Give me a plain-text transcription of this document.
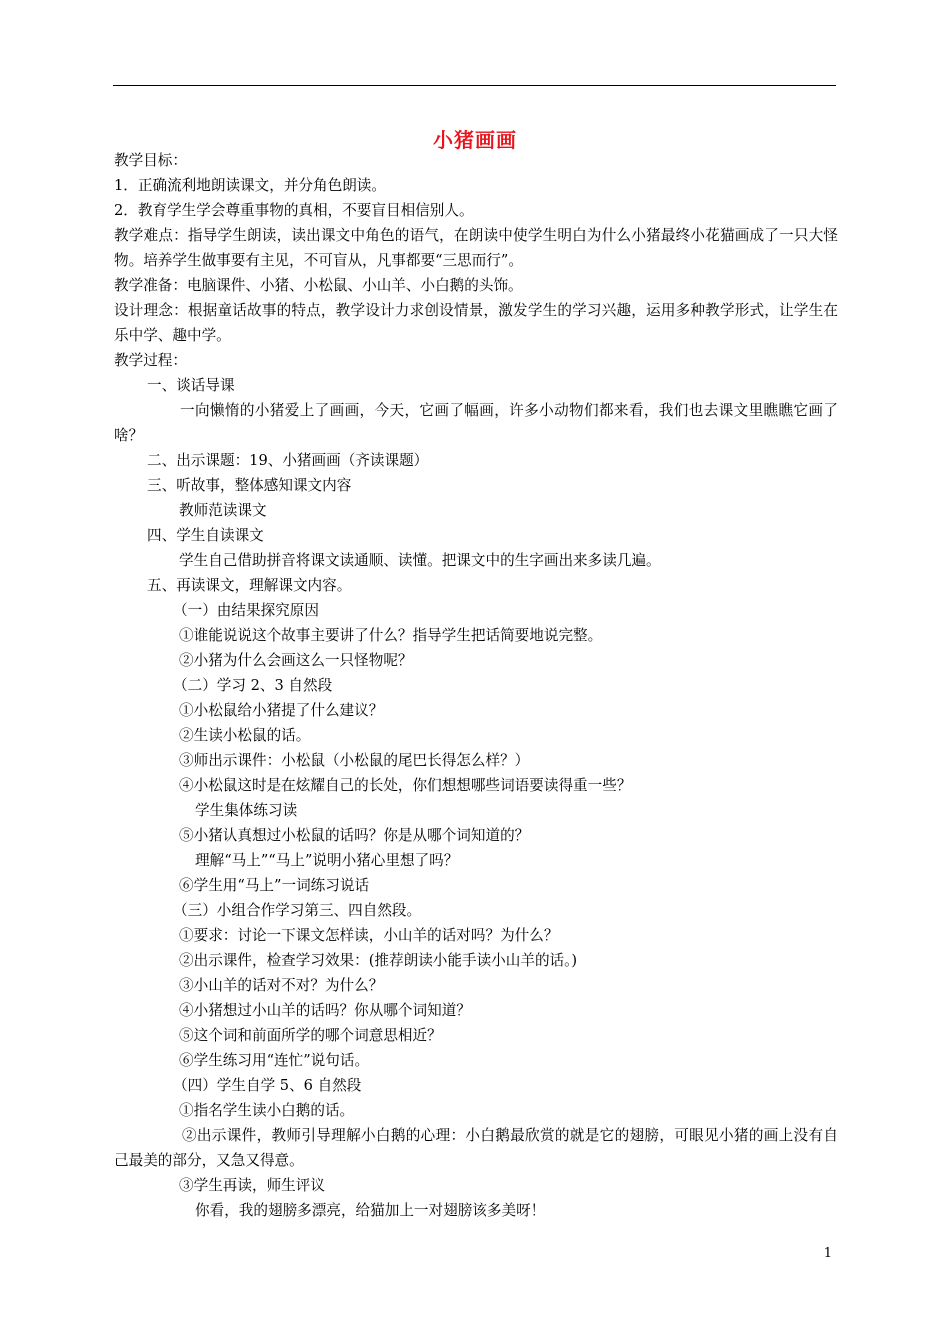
小猪画画

教学目标：

1．正确流利地朗读课文，并分角色朗读。

2．教育学生学会尊重事物的真相，不要盲目相信别人。

教学难点：指导学生朗读，读出课文中角色的语气，在朗读中使学生明白为什么小猪最终小花猫画成了一只大怪物。培养学生做事要有主见，不可盲从，凡事都要“三思而行”。

教学准备：电脑课件、小猪、小松鼠、小山羊、小白鹅的头饰。

设计理念：根据童话故事的特点，教学设计力求创设情景，激发学生的学习兴趣，运用多种教学形式，让学生在乐中学、趣中学。

教学过程：

一、谈话导课

一向懒惰的小猪爱上了画画，今天，它画了幅画，许多小动物们都来看，我们也去课文里瞧瞧它画了啥？

二、出示课题：19、小猪画画（齐读课题）

三、听故事，整体感知课文内容

教师范读课文

四、学生自读课文

学生自己借助拼音将课文读通顺、读懂。把课文中的生字画出来多读几遍。

五、再读课文，理解课文内容。

（一）由结果探究原因

①谁能说说这个故事主要讲了什么？指导学生把话简要地说完整。

②小猪为什么会画这么一只怪物呢？

（二）学习 2、3 自然段

①小松鼠给小猪提了什么建议？

②生读小松鼠的话。

③师出示课件：小松鼠（小松鼠的尾巴长得怎么样？）

④小松鼠这时是在炫耀自己的长处，你们想想哪些词语要读得重一些？

学生集体练习读

⑤小猪认真想过小松鼠的话吗？你是从哪个词知道的？

理解“马上”“马上”说明小猪心里想了吗？

⑥学生用“马上”一词练习说话

（三）小组合作学习第三、四自然段。

①要求：讨论一下课文怎样读，小山羊的话对吗？为什么？

②出示课件，检查学习效果：(推荐朗读小能手读小山羊的话。)

③小山羊的话对不对？为什么？

④小猪想过小山羊的话吗？你从哪个词知道？

⑤这个词和前面所学的哪个词意思相近？

⑥学生练习用“连忙”说句话。

（四）学生自学 5、6 自然段

①指名学生读小白鹅的话。

②出示课件，教师引导理解小白鹅的心理：小白鹅最欣赏的就是它的翅膀，可眼见小猪的画上没有自己最美的部分，又急又得意。

③学生再读，师生评议

你看，我的翅膀多漂亮，给猫加上一对翅膀该多美呀！

1
